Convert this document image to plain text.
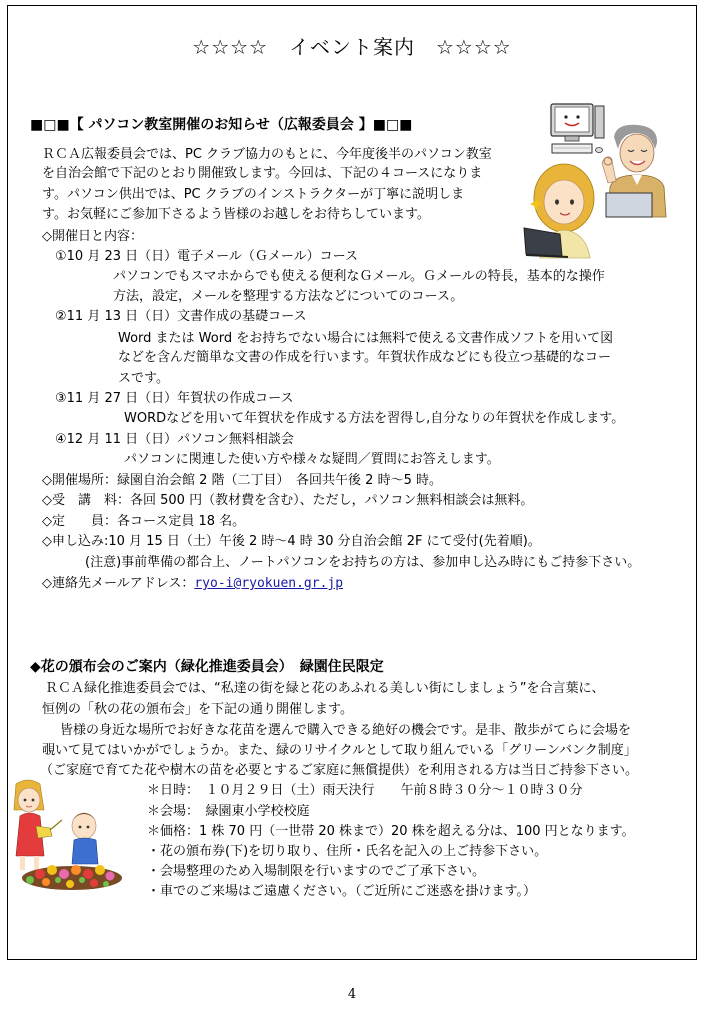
☆☆☆☆　イベント案内　☆☆☆☆
■□■【 パソコン教室開催のお知らせ（広報委員会 】■□■
ＲＣＡ広報委員会では、PC クラブ協力のもとに、今年度後半のパソコン教室
を自治会館で下記のとおり開催致します。今回は、下記の４コースになりま
す。パソコン供出では、PC クラブのインストラクターが丁寧に説明しま
す。お気軽にご参加下さるよう皆様のお越しをお待ちしています。
◇開催日と内容：
①10 月 23 日（日）電子メール（Ｇメール）コース
パソコンでもスマホからでも使える便利なＧメール。Ｇメールの特長，基本的な操作
方法，設定，メールを整理する方法などについてのコース。
②11 月 13 日（日）文書作成の基礎コース
Word または Word をお持ちでない場合には無料で使える文書作成ソフトを用いて図
などを含んだ簡単な文書の作成を行います。年賀状作成などにも役立つ基礎的なコー
スです。
③11 月 27 日（日）年賀状の作成コース
WORDなどを用いて年賀状を作成する方法を習得し,自分なりの年賀状を作成します。
④12 月 11 日（日）パソコン無料相談会
パソコンに関連した使い方や様々な疑問／質問にお答えします。
◇開催場所：緑園自治会館 2 階（二丁目）　各回共午後 2 時～5 時。
◇受　講　料：各回 500 円（教材費を含む）、ただし，パソコン無料相談会は無料。
◇定　　員：各コース定員 18 名。
◇申し込み:10 月 15 日（土）午後 2 時～4 時 30 分自治会館 2F にて受付(先着順)。
(注意)事前準備の都合上、ノートパソコンをお持ちの方は、参加申し込み時にもご持参下さい。
◇連絡先メールアドレス：ryo-i@ryokuen.gr.jp
◆花の頒布会のご案内（緑化推進委員会）　緑園住民限定
ＲＣＡ緑化推進委員会では、“私達の街を緑と花のあふれる美しい街にしましょう”を合言葉に、
恒例の「秋の花の頒布会」を下記の通り開催します。
皆様の身近な場所でお好きな花苗を選んで購入できる絶好の機会です。是非、散歩がてらに会場を
覗いて見てはいかがでしょうか。また、緑のリサイクルとして取り組んでいる「グリーンバンク制度」
（ご家庭で育てた花や樹木の苗を必要とするご家庭に無償提供）を利用される方は当日ご持参下さい。
＊日時：　１０月２９日（土）雨天決行　　午前８時３０分～１０時３０分
＊会場：　緑園東小学校校庭
＊価格：1 株 70 円（一世帯 20 株まで）20 株を超える分は、100 円となります。
・花の頒布券(下)を切り取り、住所・氏名を記入の上ご持参下さい。
・会場整理のため入場制限を行いますのでご了承下さい。
・車でのご来場はご遠慮ください。（ご近所にご迷惑を掛けます。）
4
